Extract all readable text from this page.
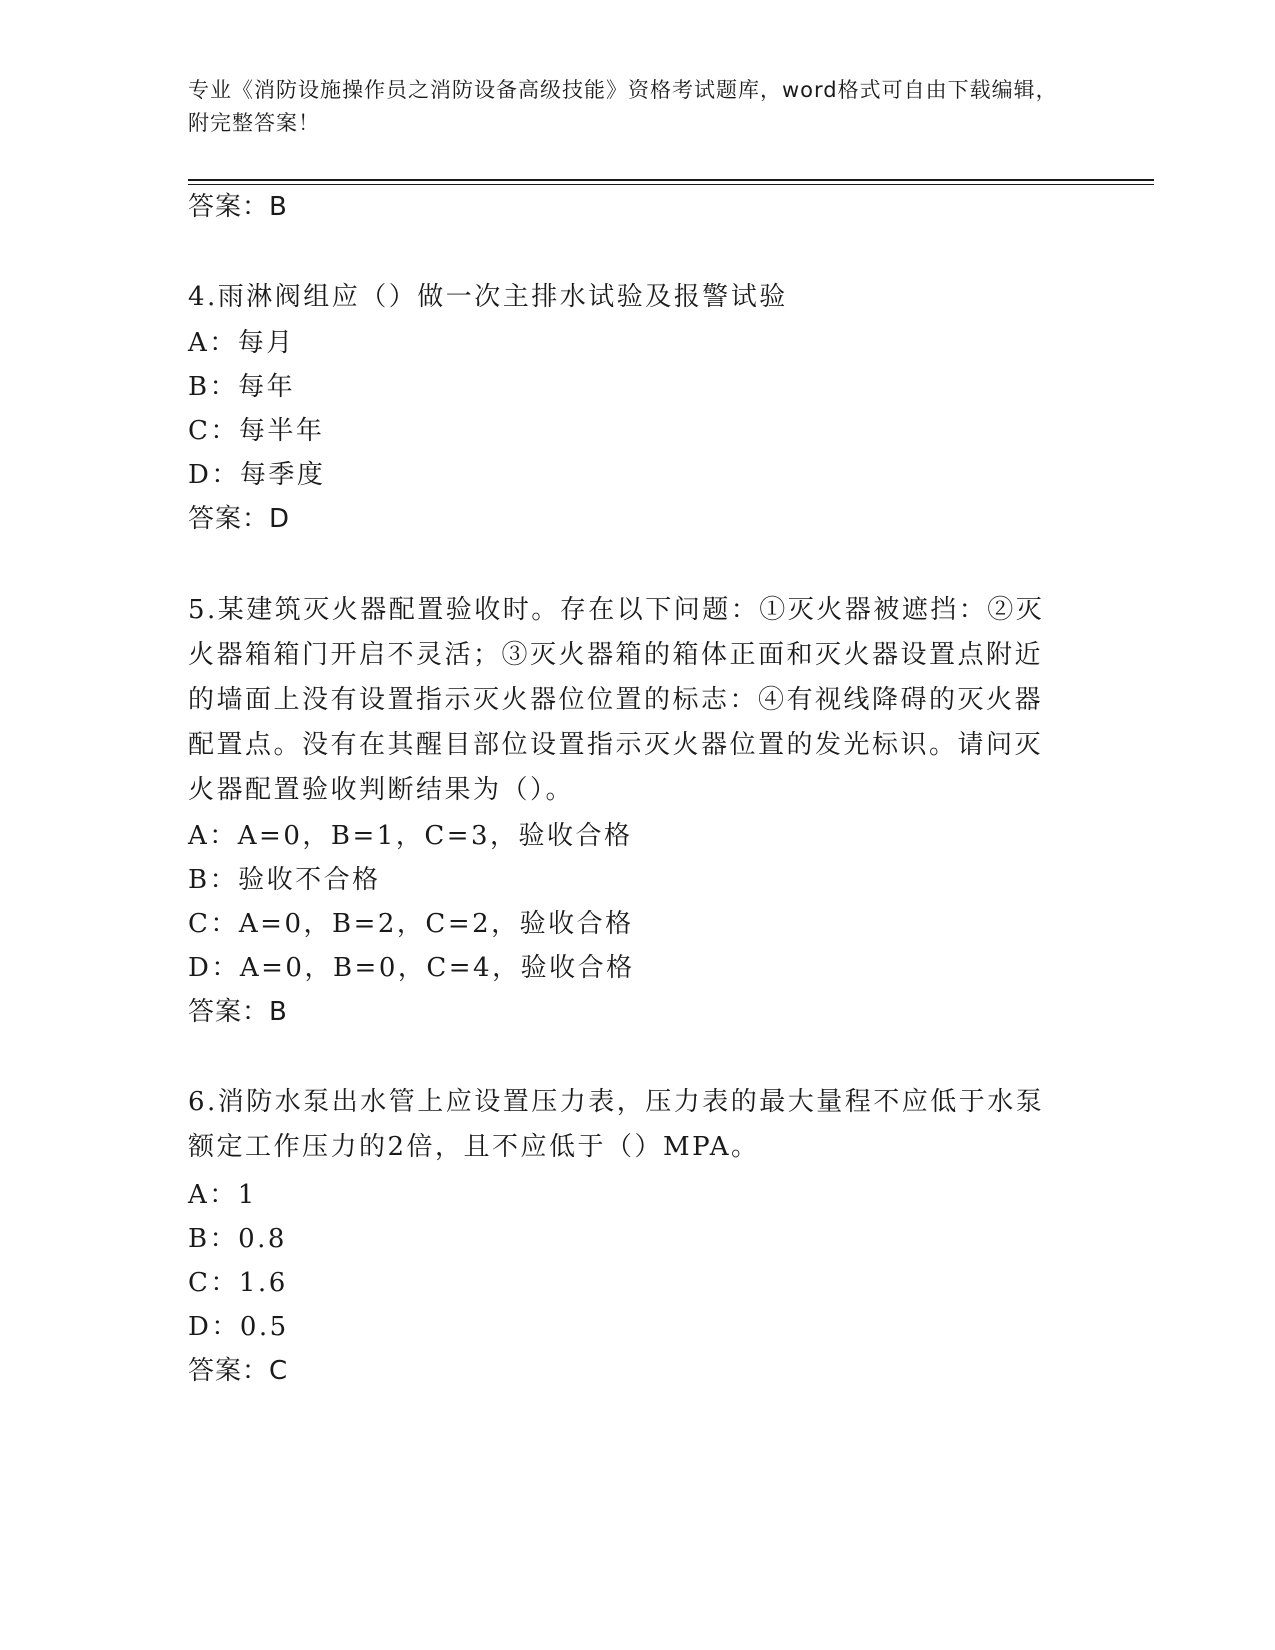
专业《消防设施操作员之消防设备高级技能》资格考试题库，word格式可自由下载编辑，附完整答案！
答案：B
4.雨淋阀组应（）做一次主排水试验及报警试验
A：每月
B：每年
C：每半年
D：每季度
答案：D
5.某建筑灭火器配置验收时。存在以下问题：①灭火器被遮挡：②灭火器箱箱门开启不灵活；③灭火器箱的箱体正面和灭火器设置点附近的墙面上没有设置指示灭火器位位置的标志：④有视线降碍的灭火器配置点。没有在其醒目部位设置指示灭火器位置的发光标识。请问灭火器配置验收判断结果为（）。
A：A=0，B=1，C=3，验收合格
B：验收不合格
C：A=0，B=2，C=2，验收合格
D：A=0，B=0，C=4，验收合格
答案：B
6.消防水泵出水管上应设置压力表，压力表的最大量程不应低于水泵额定工作压力的2倍，且不应低于（）MPA。
A：1
B：0.8
C：1.6
D：0.5
答案：C
